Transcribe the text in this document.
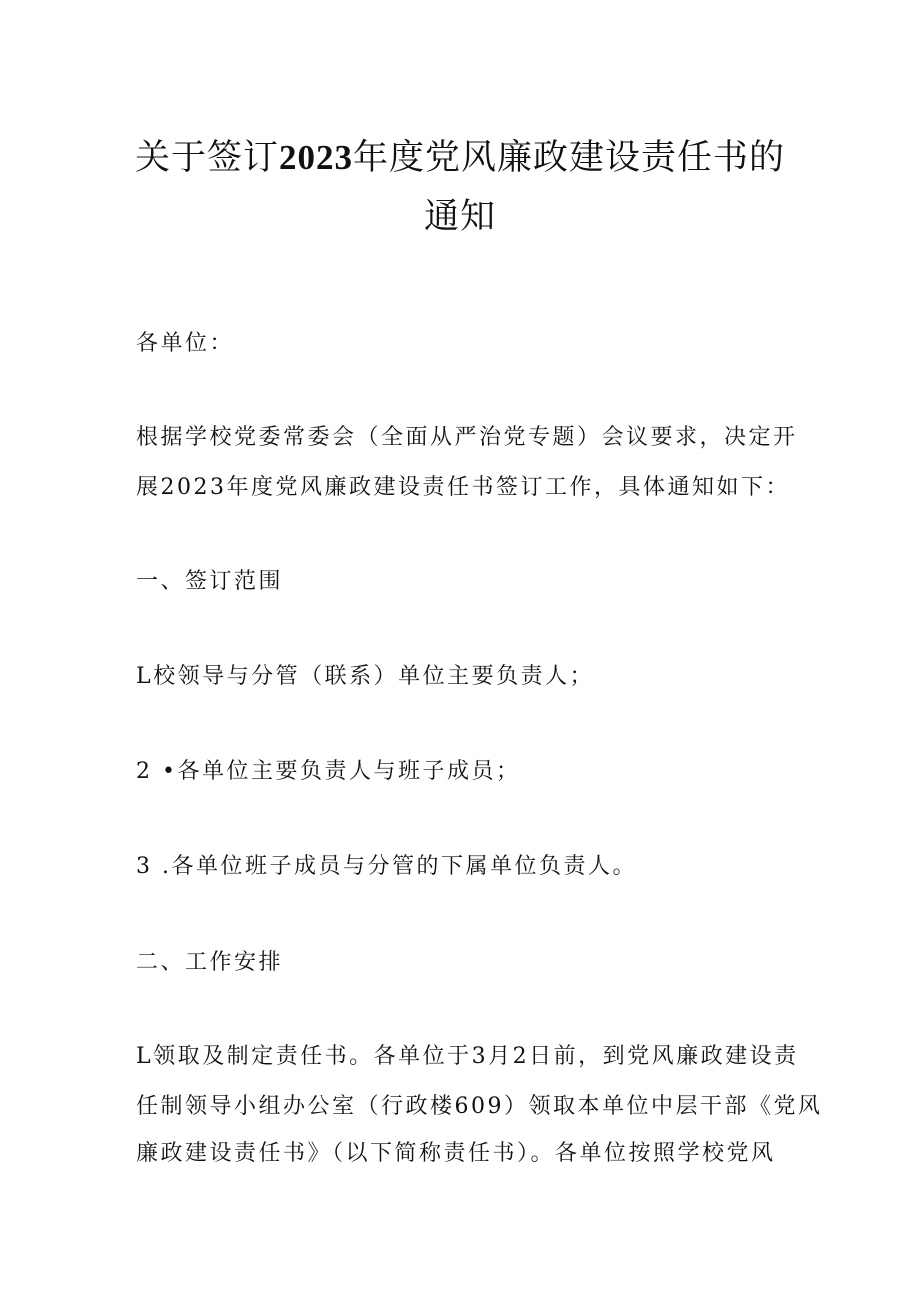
关于签订2023年度党风廉政建设责任书的
通知

各单位：

根据学校党委常委会（全面从严治党专题）会议要求，决定开

展2023年度党风廉政建设责任书签订工作，具体通知如下：

一、签订范围

L校领导与分管（联系）单位主要负责人；

2 •各单位主要负责人与班子成员；

3 .各单位班子成员与分管的下属单位负责人。

二、工作安排

L领取及制定责任书。各单位于3月2日前，到党风廉政建设责

任制领导小组办公室（行政楼609）领取本单位中层干部《党风

廉政建设责任书》（以下简称责任书）。各单位按照学校党风
